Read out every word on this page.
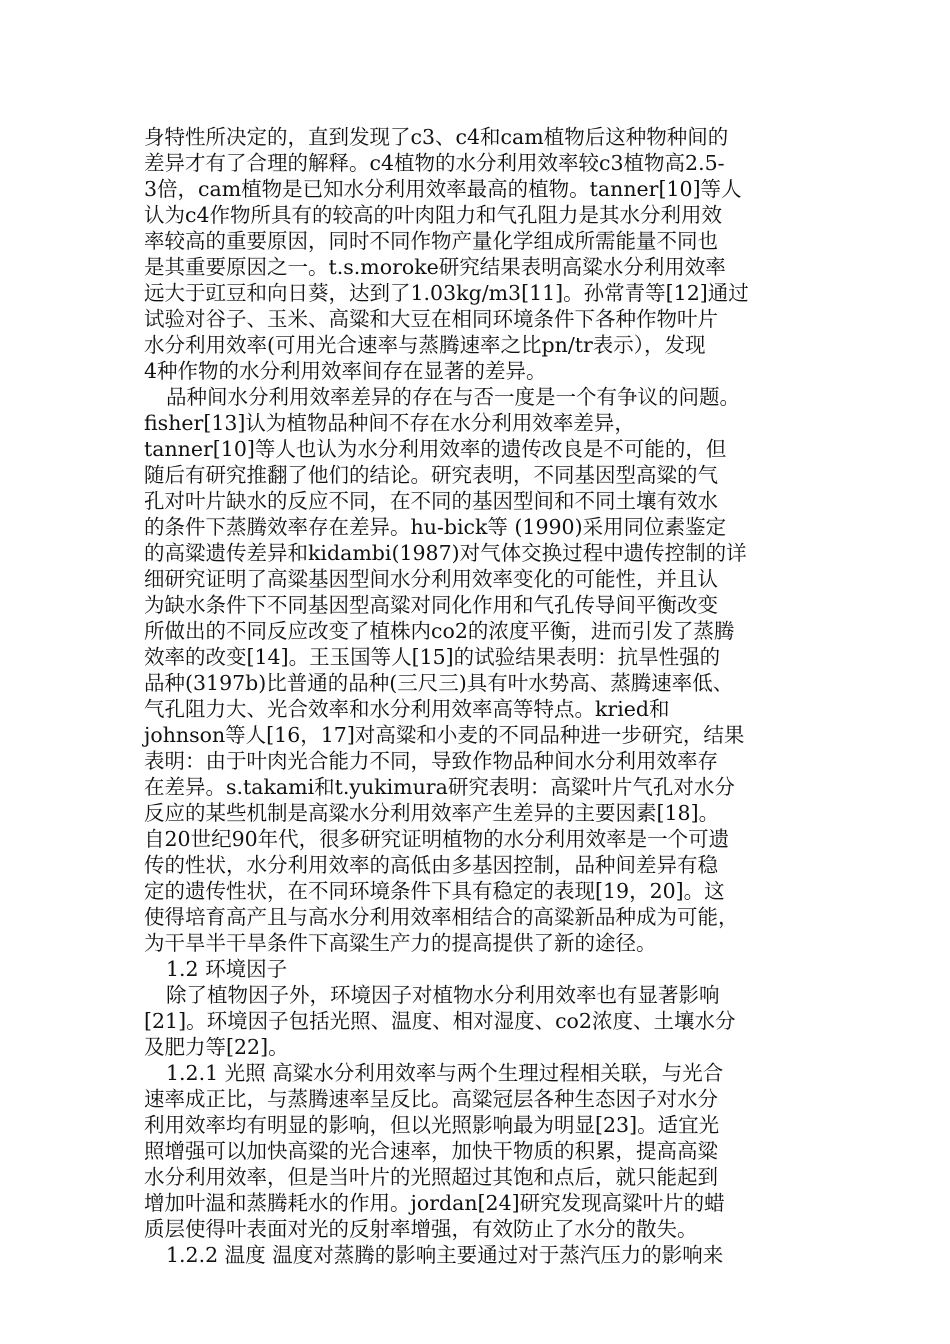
身特性所决定的，直到发现了c3、c4和cam植物后这种物种间的
差异才有了合理的解释。c4植物的水分利用效率较c3植物高2.5-
3倍，cam植物是已知水分利用效率最高的植物。tanner[10]等人
认为c4作物所具有的较高的叶肉阻力和气孔阻力是其水分利用效
率较高的重要原因，同时不同作物产量化学组成所需能量不同也
是其重要原因之一。t.s.moroke研究结果表明高粱水分利用效率
远大于豇豆和向日葵，达到了1.03kg/m3[11]。孙常青等[12]通过
试验对谷子、玉米、高粱和大豆在相同环境条件下各种作物叶片
水分利用效率(可用光合速率与蒸腾速率之比pn/tr表示），发现
4种作物的水分利用效率间存在显著的差异。

品种间水分利用效率差异的存在与否一度是一个有争议的问题。
fisher[13]认为植物品种间不存在水分利用效率差异，
tanner[10]等人也认为水分利用效率的遗传改良是不可能的，但
随后有研究推翻了他们的结论。研究表明，不同基因型高粱的气
孔对叶片缺水的反应不同，在不同的基因型间和不同土壤有效水
的条件下蒸腾效率存在差异。hu-bick等 (1990)采用同位素鉴定
的高粱遗传差异和kidambi(1987)对气体交换过程中遗传控制的详
细研究证明了高粱基因型间水分利用效率变化的可能性，并且认
为缺水条件下不同基因型高粱对同化作用和气孔传导间平衡改变
所做出的不同反应改变了植株内co2的浓度平衡，进而引发了蒸腾
效率的改变[14]。王玉国等人[15]的试验结果表明：抗旱性强的
品种(3197b)比普通的品种(三尺三)具有叶水势高、蒸腾速率低、
气孔阻力大、光合效率和水分利用效率高等特点。kried和
johnson等人[16，17]对高粱和小麦的不同品种进一步研究，结果
表明：由于叶肉光合能力不同，导致作物品种间水分利用效率存
在差异。s.takami和t.yukimura研究表明：高粱叶片气孔对水分
反应的某些机制是高粱水分利用效率产生差异的主要因素[18]。
自20世纪90年代，很多研究证明植物的水分利用效率是一个可遗
传的性状，水分利用效率的高低由多基因控制，品种间差异有稳
定的遗传性状，在不同环境条件下具有稳定的表现[19，20]。这
使得培育高产且与高水分利用效率相结合的高粱新品种成为可能，
为干旱半干旱条件下高粱生产力的提高提供了新的途径。

1.2 环境因子

除了植物因子外，环境因子对植物水分利用效率也有显著影响
[21]。环境因子包括光照、温度、相对湿度、co2浓度、土壤水分
及肥力等[22]。

1.2.1 光照 高粱水分利用效率与两个生理过程相关联，与光合
速率成正比，与蒸腾速率呈反比。高粱冠层各种生态因子对水分
利用效率均有明显的影响，但以光照影响最为明显[23]。适宜光
照增强可以加快高粱的光合速率，加快干物质的积累，提高高粱
水分利用效率，但是当叶片的光照超过其饱和点后，就只能起到
增加叶温和蒸腾耗水的作用。jordan[24]研究发现高粱叶片的蜡
质层使得叶表面对光的反射率增强，有效防止了水分的散失。

1.2.2 温度 温度对蒸腾的影响主要通过对于蒸汽压力的影响来
